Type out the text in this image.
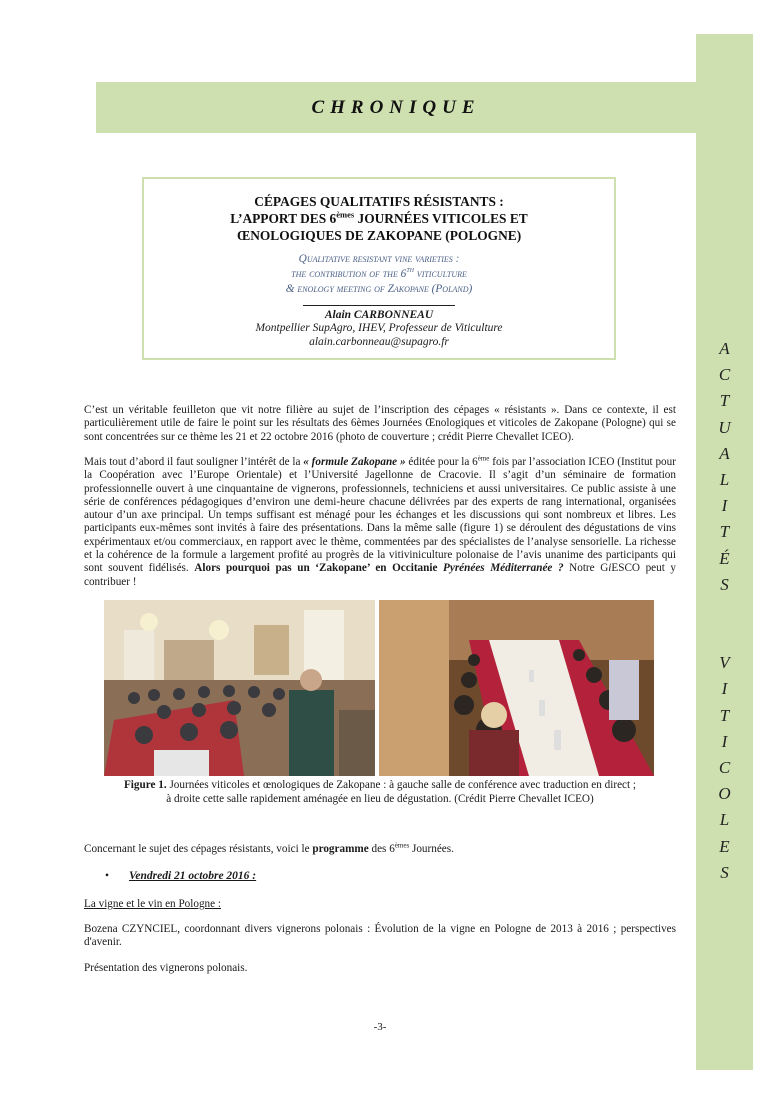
A
C
T
U
A
L
I
T
É
S
V
I
T
I
C
O
L
E
S
CHRONIQUE
CÉPAGES QUALITATIFS RÉSISTANTS :
L’APPORT DES 6èmes JOURNÉES VITICOLES ET
ŒNOLOGIQUES DE ZAKOPANE (POLOGNE)
Qualitative resistant vine varieties :
the contribution of the 6th viticulture
& enology meeting of Zakopane (Poland)
Alain CARBONNEAU
Montpellier SupAgro, IHEV, Professeur de Viticulture
alain.carbonneau@supagro.fr

C’est un véritable feuilleton que vit notre filière au sujet de l’inscription des cépages « résistants ». Dans ce contexte, il est particulièrement utile de faire le point sur les résultats des 6èmes Journées Œnologiques et viticoles de Zakopane (Pologne) qui se sont concentrées sur ce thème les 21 et 22 octobre 2016 (photo de couverture ; crédit Pierre Chevallet ICEO).

Mais tout d’abord il faut souligner l’intérêt de la « formule Zakopane » éditée pour la 6ème fois par l’association ICEO (Institut pour la Coopération avec l’Europe Orientale) et l’Université Jagellonne de Cracovie. Il s’agit d’un séminaire de formation professionnelle ouvert à une cinquantaine de vignerons, professionnels, techniciens et aussi universitaires. Ce public assiste à une série de conférences pédagogiques d’environ une demi-heure chacune délivrées par des experts de rang international, organisées autour d’un axe principal. Un temps suffisant est ménagé pour les échanges et les discussions qui sont nombreux et libres. Les participants eux-mêmes sont invités à faire des présentations. Dans la même salle (figure 1) se déroulent des dégustations de vins expérimentaux et/ou commerciaux, en rapport avec le thème, commentées par des spécialistes de l’analyse sensorielle. La richesse et la cohérence de la formule a largement profité au progrès de la vitiviniculture polonaise de l’avis unanime des participants qui sont souvent fidélisés. Alors pourquoi pas un ‘Zakopane’ en Occitanie Pyrénées Méditerranée ? Notre GiESCO peut y contribuer !

Figure 1. Journées viticoles et œnologiques de Zakopane : à gauche salle de conférence avec traduction en direct ;
à droite cette salle rapidement aménagée en lieu de dégustation. (Crédit Pierre Chevallet ICEO)

Concernant le sujet des cépages résistants, voici le programme des 6èmes Journées.

• Vendredi 21 octobre 2016 :

La vigne et le vin en Pologne :

Bozena CZYNCIEL, coordonnant divers vignerons polonais : Évolution de la vigne en Pologne de 2013 à 2016 ; perspectives d'avenir.

Présentation des vignerons polonais.

-3-
